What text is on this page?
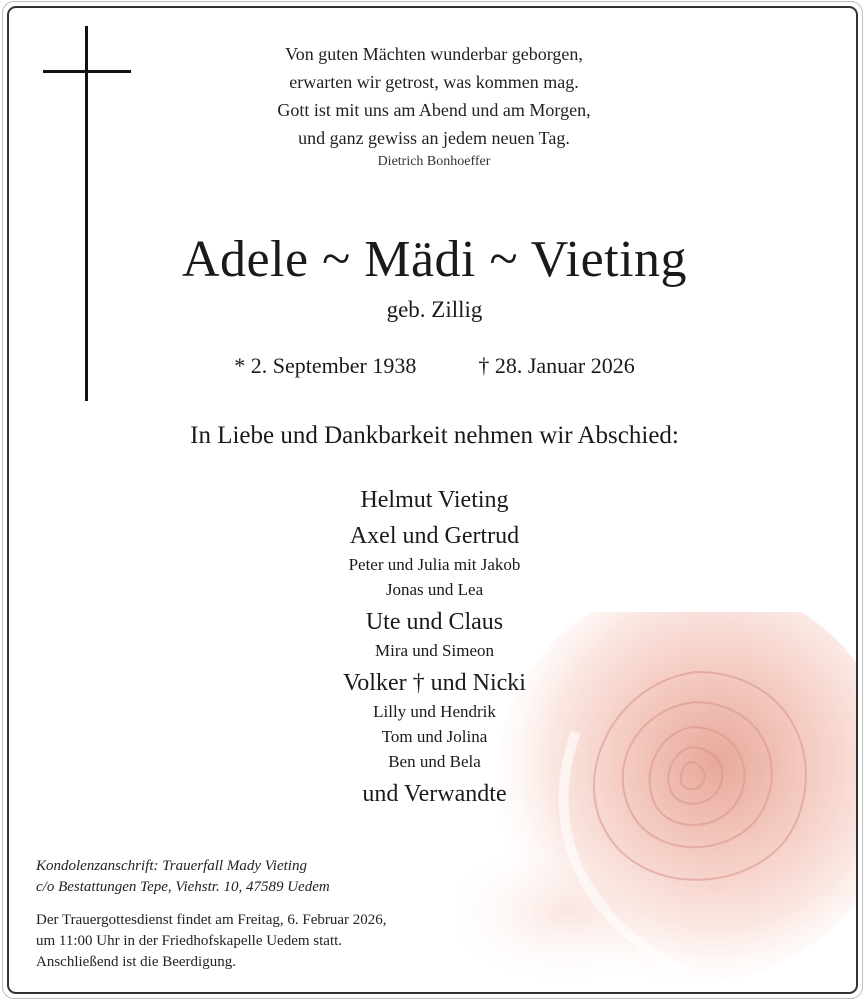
Von guten Mächten wunderbar geborgen,
erwarten wir getrost, was kommen mag.
Gott ist mit uns am Abend und am Morgen,
und ganz gewiss an jedem neuen Tag.
Dietrich Bonhoeffer
Adele ~ Mädi ~ Vieting
geb. Zillig
* 2. September 1938	† 28. Januar 2026
In Liebe und Dankbarkeit nehmen wir Abschied:
Helmut Vieting
Axel und Gertrud
Peter und Julia mit Jakob
Jonas und Lea
Ute und Claus
Mira und Simeon
Volker † und Nicki
Lilly und Hendrik
Tom und Jolina
Ben und Bela
und Verwandte
Kondolenzanschrift: Trauerfall Mady Vieting
c/o Bestattungen Tepe, Viehstr. 10, 47589 Uedem
Der Trauergottesdienst findet am Freitag, 6. Februar 2026,
um 11:00 Uhr in der Friedhofskapelle Uedem statt.
Anschließend ist die Beerdigung.
